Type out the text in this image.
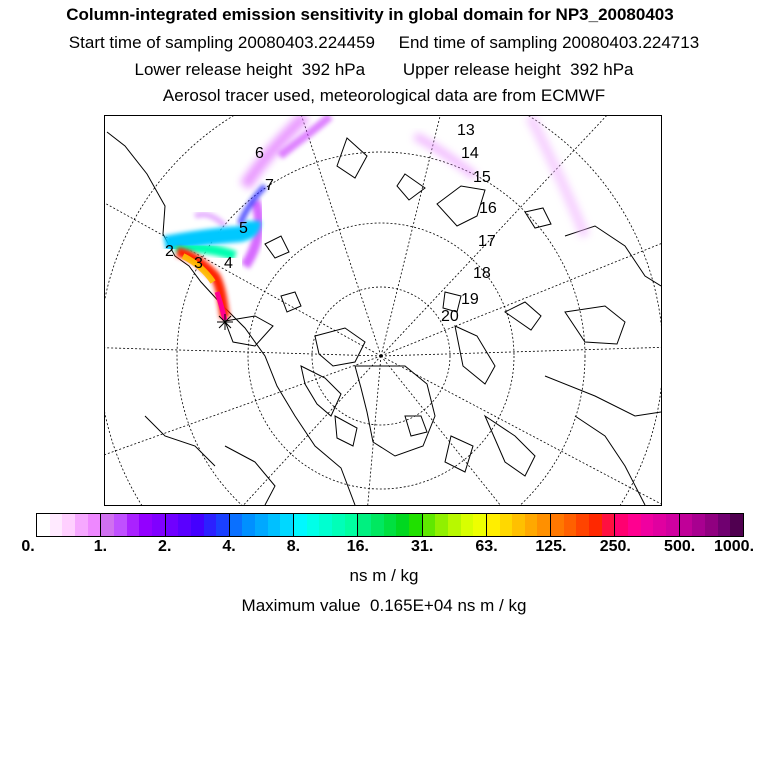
Column-integrated emission sensitivity in global domain for NP3_20080403
Start time of sampling 20080403.224459     End time of sampling 20080403.224713
Lower release height  392 hPa        Upper release height  392 hPa
Aerosol tracer used, meteorological data are from ECMWF
2
3 4
5
6
7
13
14
15
16
17
18
19
20
0.	1.	2.	4.	8.	16.	31.	63. 125. 250. 500. 1000.
ns m / kg
Maximum value  0.165E+04 ns m / kg
